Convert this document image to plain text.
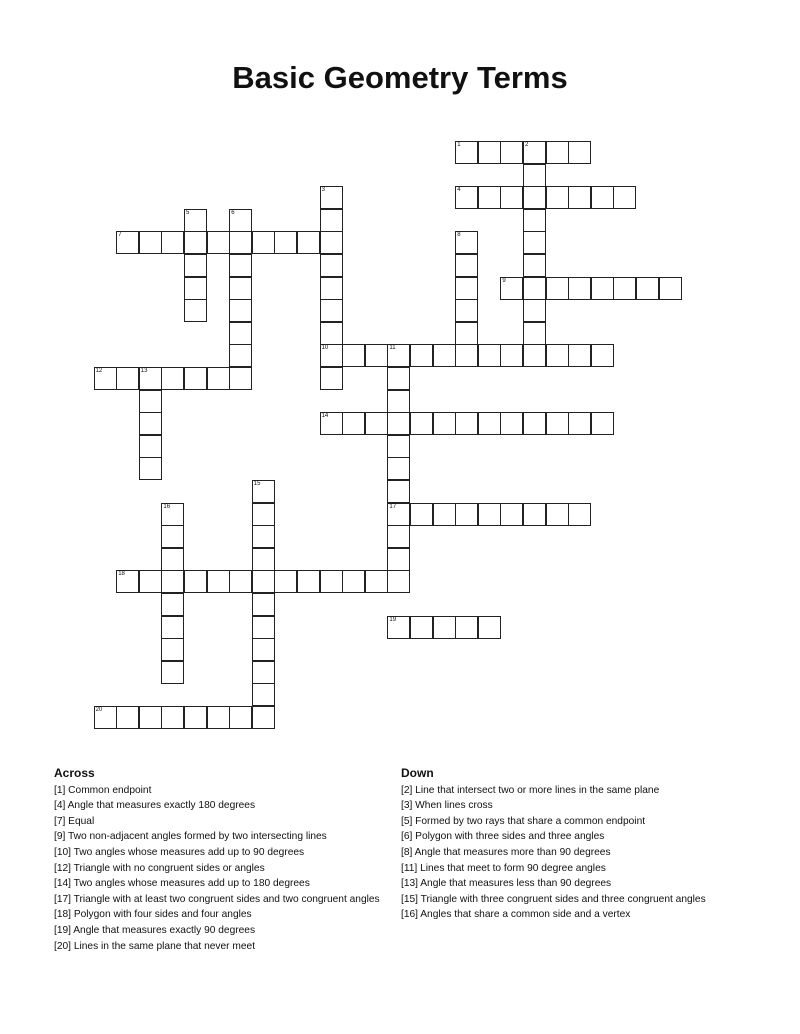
Basic Geometry Terms
1	2
4
7
9
10	11
12	13
14
17
18
19
20
3
5	6
8
15
16
Across
[1] Common endpoint
[4] Angle that measures exactly 180 degrees
[7] Equal
[9] Two non-adjacent angles formed by two intersecting lines
[10] Two angles whose measures add up to 90 degrees
[12] Triangle with no congruent sides or angles
[14] Two angles whose measures add up to 180 degrees
[17] Triangle with at least two congruent sides and two congruent angles
[18] Polygon with four sides and four angles
[19] Angle that measures exactly 90 degrees
[20] Lines in the same plane that never meet
Down
[2] Line that intersect two or more lines in the same plane
[3] When lines cross
[5] Formed by two rays that share a common endpoint
[6] Polygon with three sides and three angles
[8] Angle that measures more than 90 degrees
[11] Lines that meet to form 90 degree angles
[13] Angle that measures less than 90 degrees
[15] Triangle with three congruent sides and three congruent angles
[16] Angles that share a common side and a vertex
